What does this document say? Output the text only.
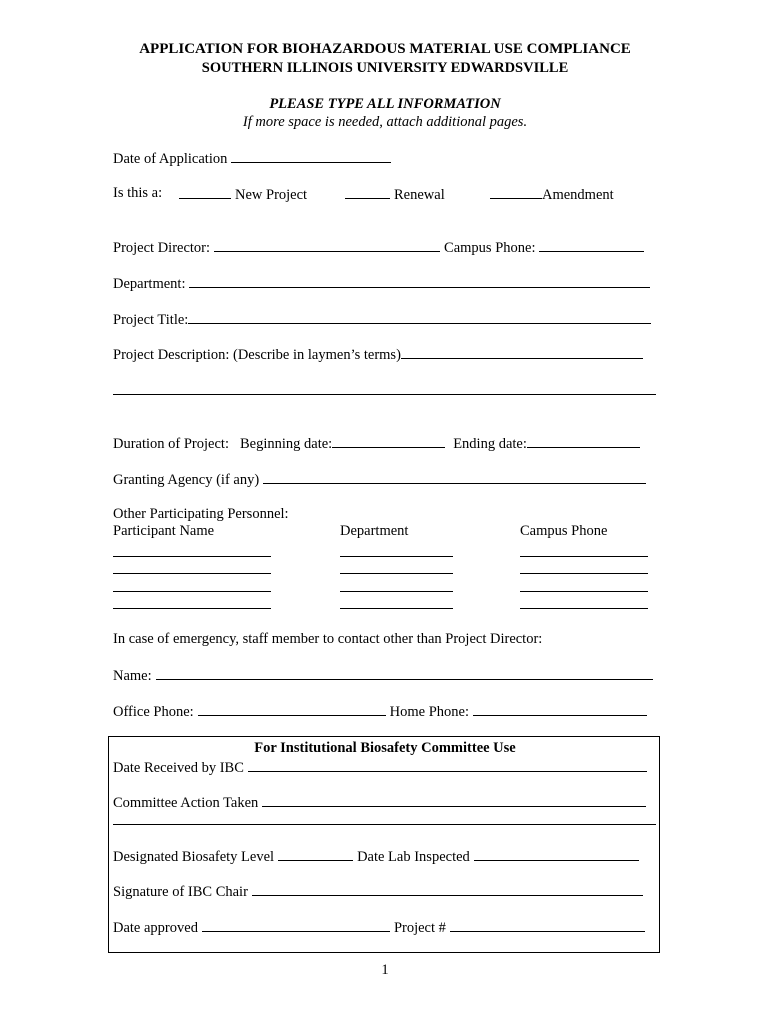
APPLICATION FOR BIOHAZARDOUS MATERIAL USE COMPLIANCE
SOUTHERN ILLINOIS UNIVERSITY EDWARDSVILLE
PLEASE TYPE ALL INFORMATION
If more space is needed, attach additional pages.
Date of Application
Is this a:	New Project	Renewal	Amendment
Project Director:	Campus Phone:
Department:
Project Title:
Project Description: (Describe in laymen’s terms)
Duration of Project: Beginning date:	Ending date:
Granting Agency (if any)
Other Participating Personnel:
Participant Name	Department	Campus Phone
In case of emergency, staff member to contact other than Project Director:
Name:
Office Phone:	Home Phone:
For Institutional Biosafety Committee Use
Date Received by IBC
Committee Action Taken
Designated Biosafety Level	Date Lab Inspected
Signature of IBC Chair
Date approved	Project #
1
